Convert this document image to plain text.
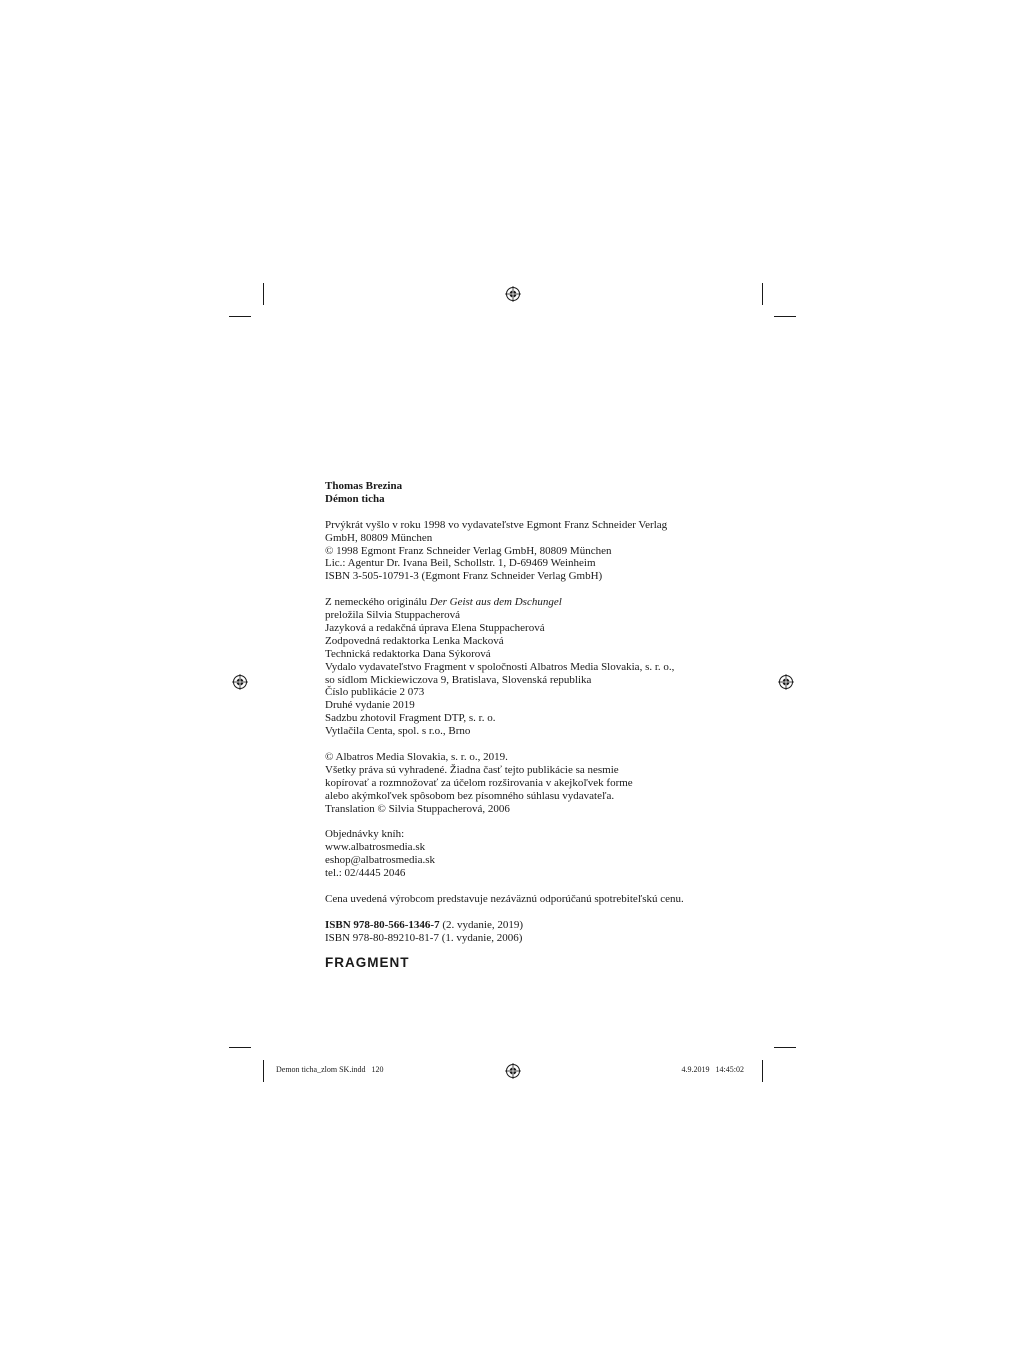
Thomas Brezina

Démon ticha

Prvýkrát vyšlo v roku 1998 vo vydavateľstve Egmont Franz Schneider Verlag

GmbH, 80809 München

© 1998 Egmont Franz Schneider Verlag GmbH, 80809 München

Lic.: Agentur Dr. Ivana Beil, Schollstr. 1, D-69469 Weinheim

ISBN 3-505-10791-3 (Egmont Franz Schneider Verlag GmbH)

Z nemeckého originálu Der Geist aus dem Dschungel

preložila Silvia Stuppacherová

Jazyková a redakčná úprava Elena Stuppacherová

Zodpovedná redaktorka Lenka Macková

Technická redaktorka Dana Sýkorová

Vydalo vydavateľstvo Fragment v spoločnosti Albatros Media Slovakia, s. r. o.,

so sídlom Mickiewiczova 9, Bratislava, Slovenská republika

Číslo publikácie 2 073

Druhé vydanie 2019

Sadzbu zhotovil Fragment DTP, s. r. o.

Vytlačila Centa, spol. s r.o., Brno

© Albatros Media Slovakia, s. r. o., 2019.

Všetky práva sú vyhradené. Žiadna časť tejto publikácie sa nesmie

kopírovať a rozmnožovať za účelom rozširovania v akejkoľvek forme

alebo akýmkoľvek spôsobom bez písomného súhlasu vydavateľa.

Translation © Silvia Stuppacherová, 2006

Objednávky kníh:

www.albatrosmedia.sk

eshop@albatrosmedia.sk

tel.: 02/4445 2046

Cena uvedená výrobcom predstavuje nezáväznú odporúčanú spotrebiteľskú cenu.

ISBN 978-80-566-1346-7 (2. vydanie, 2019)

ISBN 978-80-89210-81-7 (1. vydanie, 2006)

FRAGMENT
Demon ticha_zlom SK.indd   120	4.9.2019   14:45:02
